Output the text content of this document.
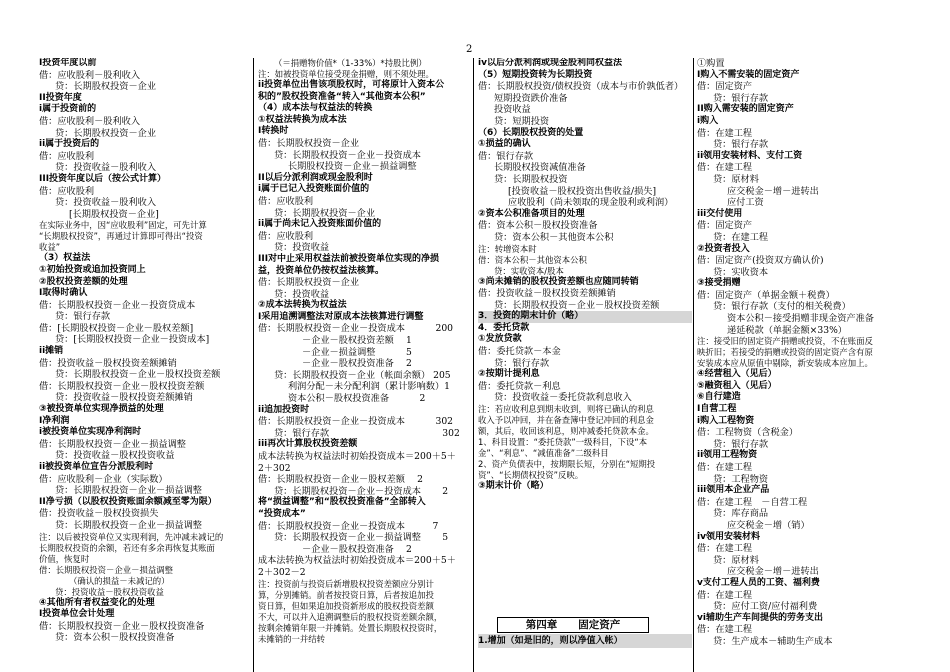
2

I投资年度以前

借：应收股利－股利收入

贷：长期股权投资－企业

II投资年度

i属于投资前的

借：应收股利－股利收入

贷：长期股权投资－企业

ii属于投资后的

借：应收股利

贷：投资收益－股利收入

III投资年度以后（按公式计算）

借：应收股利

贷：投资收益－股利收入

[长期股权投资－企业]

在实际业务中，因“应收股利”固定，可先计算

“长期股权投资”，再通过计算即可得出“投资

收益”

（3）权益法

①初始投资或追加投资同上

②股权投资差额的处理

I取得时确认

借：长期股权投资－企业－投资贷成本

贷：银行存款

借：[长期股权投资－企业－股权差额]

贷：[长期股权投资－企业－投资成本]

ii摊销

借：投资收益－股权投资差额摊销

贷：长期股权投资－企业－股权投资差额

借：长期股权投资－企业－股权投资差额

贷：投资收益－股权投资差额摊销

③被投资单位实现净损益的处理

I净利润

i被投资单位实现净利润时

借：长期股权投资－企业－损益调整

贷：投资收益－股权投资收益

ii被投资单位宣告分派股利时

借：应收股利－企业（实际数）

贷：长期股权投资－企业－损益调整

II净亏损（以股权投资账面余额减至零为限）

借：投资收益－股权投资损失

贷：长期股权投资－企业－损益调整

注：以后被投资单位又实现利润，先冲减未减记的

长期股权投资的余额，若还有多余再恢复其账面

价值，恢复时

借：长期股权投资－企业－损益调整

（确认的损益－未减记的）

贷：投资收益－股权投资收益

④其他所有者权益变化的处理

I投资单位会计处理

借：长期股权投资－企业－股权投资准备

贷：资本公积－股权投资准备

（＝捐赠物价值*（1-33%）*持股比例）

注：如被投资单位接受现金捐赠，则不须处理。

ii投资单位出售该项股权时，可将原计入资本公

积的”股权投资准备“转入“其他资本公积”

（4）成本法与权益法的转换

①权益法转换为成本法

I转换时

借：长期股权投资－企业

贷：长期股权投资－企业－投资成本

长期股权投资－企业－损益调整

II以后分派利润或现金股利时

i属于已记入投资账面价值的

借：应收股利

贷：长期股权投资－企业

ii属于尚未记入投资账面价值的

借：应收股利

贷：投资收益

III对中止采用权益法前被投资单位实现的净损

益，投资单位仍按权益法核算。

借：长期股权投资－企业

贷：投资收益

②成本法转换为权益法

I采用追溯调整法对原成本法核算进行调整

借：长期股权投资－企业－投资成本　　　 200

－企业－股权投资差额　 1

－企业－损益调整　　　 5

－企业－股权投资准备　 2

贷：长期股权投资－企业（帐面余额） 205

利润分配－未分配利润（累计影响数）1

资本公积－股权投资准备　　　 2

ii追加投资时

借：长期股权投资－企业－投资成本　　　 302

贷：银行存款　　　　　　　　　　　　 302

iii再次计算股权投资差额

成本法转换为权益法时初始投资成本＝200＋5＋

2＋302

借：长期股权投资－企业－股权差额　 2

贷：长期股权投资－企业－投资成本　　 2

将“损益调整”和“股权投资准备”全部转入

“投资成本”

借：长期股权投资－企业－投资成本　　　7

贷：长期股权投资－企业－损益调整　　 5

－企业－股权投资准备　 2

成本法转换为权益法时初始投资成本＝200＋5＋

2＋302－2

注：投资前与投资后新增股权投资差额应分别计

算，分别摊销。前者按投资日算，后者按追加投

资日算，但如果追加投资新形成的股权投资差额

不大，可以并入追溯调整后的股权投资差额余额，

按剩余摊销年限一并摊销。处置长期股权投资时，

未摊销的一并结转

iv以后分派利润或现金股利同权益法

（5）短期投资转为长期投资

借：长期股权投资/债权投资（成本与市价孰低者）

短期投资跌价准备

投资收益

贷：短期投资

（6）长期股权投资的处置

①损益的确认

借：银行存款

长期股权投资减值准备

贷：长期股权投资

[投资收益－股权投资出售收益/损失]

应收股利（尚未领取的现金股利或利润）

②资本公积准备项目的处理

借：资本公积－股权投资准备

贷：资本公积－其他资本公积

注：转增资本时

借：资本公积－其他资本公积

贷：实收资本/股本

③尚未摊销的股权投资差额也应随同转销

借：投资收益－股权投资差额摊销

贷：长期股权投资－企业－股权投资差额

3．投资的期末计价（略）

4．委托贷款

①发放贷款

借：委托贷款－本金

贷：银行存款

②按期计提利息

借：委托贷款－利息

贷：投资收益－委托贷款利息收入

注：若应收利息到期未收到，则将已确认的利息

收入予以冲回，并在备查簿中登记冲回的利息金

额，其后，收回该利息，则冲减委托贷款本金。

1、科目设置：“委托贷款”一级科目，下设“本

金”、“利息”、“减值准备”二级科目

2、资产负债表中，按期限长短，分别在“短期投

资”、“长期债权投资”反映。

③期末计价（略）

①购置

I购入不需安装的固定资产

借：固定资产

贷：银行存款

II购入需安装的固定资产

i购入

借：在建工程

贷：银行存款

ii领用安装材料、支付工资

借：在建工程

贷：原材料

应交税金－增－进转出

应付工资

iii交付使用

借：固定资产

贷：在建工程

②投资者投入

借：固定资产(投资双方确认价)

贷：实收资本

③接受捐赠

借：固定资产（单据金额＋税费）

贷：银行存款（支付的相关税费）

资本公积－接受捐赠非现金资产准备

递延税款（单据金额×33%）

注：接受旧的固定资产捐赠或投资，不在账面反

映折旧；若接受的捐赠或投资的固定资产含有原

安装成本应从原值中剔除，新安装成本应加上。

④经营租入（见后）

⑤融资租入（见后）

⑥自行建造

I自营工程

i购入工程物资

借：工程物资（含税金）

贷：银行存款

ii领用工程物资

借：在建工程

贷：工程物资

iii领用本企业产品

借：在建工程　－自营工程

贷：库存商品

应交税金－增（销）

iv领用安装材料

借：在建工程

贷：原材料

应交税金－增－进转出

v支付工程人员的工资、福利费

借：在建工程

贷：应付工资/应付福利费

vi辅助生产车间提供的劳务支出

借：在建工程

贷：生产成本－辅助生产成本

第四章　　固定资产
1.增加（如是旧的，则以净值入帐）
